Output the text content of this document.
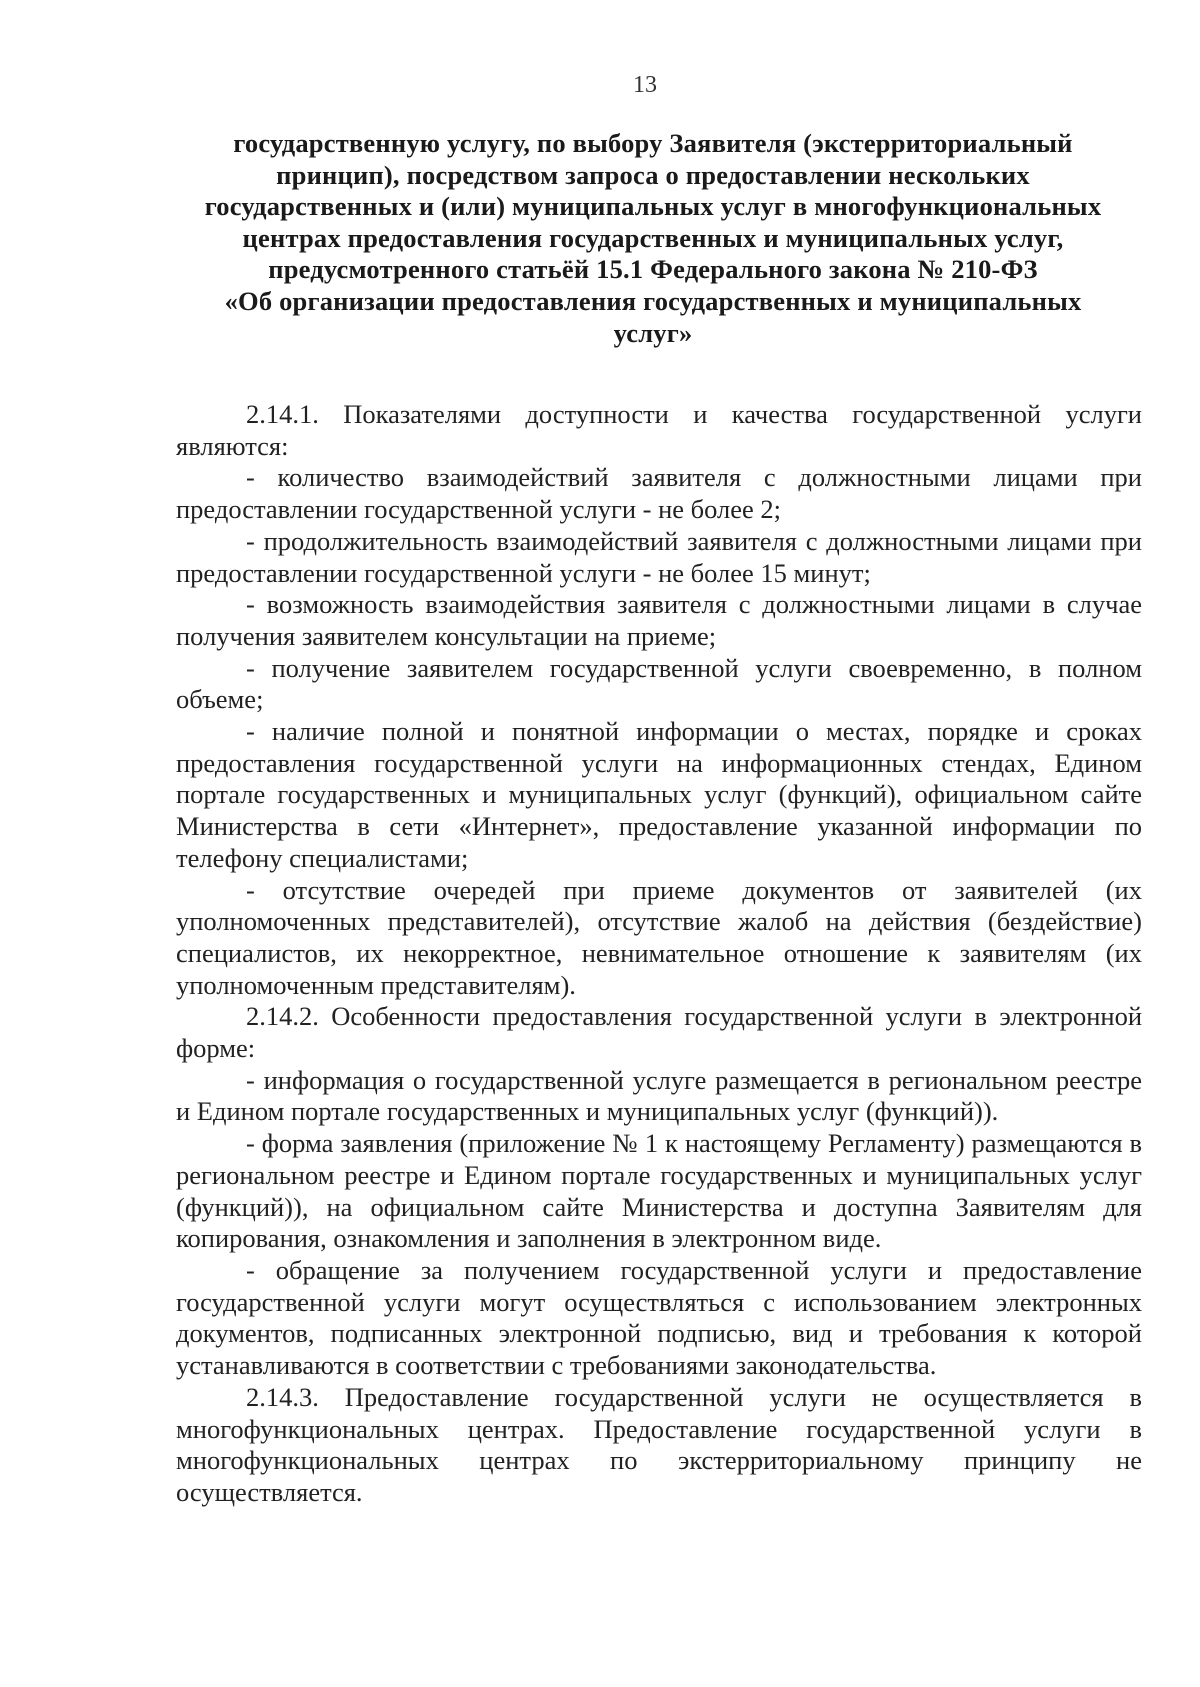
13
государственную услугу, по выбору Заявителя (экстерриториальный
принцип), посредством запроса о предоставлении нескольких
государственных и (или) муниципальных услуг в многофункциональных
центрах предоставления государственных и муниципальных услуг,
предусмотренного статьёй 15.1 Федерального закона № 210-ФЗ
«Об организации предоставления государственных и муниципальных
услуг»

2.14.1. Показателями доступности и качества государственной услуги являются:

- количество взаимодействий заявителя с должностными лицами при предоставлении государственной услуги - не более 2;

- продолжительность взаимодействий заявителя с должностными лицами при предоставлении государственной услуги - не более 15 минут;

- возможность взаимодействия заявителя с должностными лицами в случае получения заявителем консультации на приеме;

- получение заявителем государственной услуги своевременно, в полном объеме;

- наличие полной и понятной информации о местах, порядке и сроках предоставления государственной услуги на информационных стендах, Едином портале государственных и муниципальных услуг (функций), официальном сайте Министерства в сети «Интернет», предоставление указанной информации по телефону специалистами;

- отсутствие очередей при приеме документов от заявителей (их уполномоченных представителей), отсутствие жалоб на действия (бездействие) специалистов, их некорректное, невнимательное отношение к заявителям (их уполномоченным представителям).

2.14.2. Особенности предоставления государственной услуги в электронной форме:

- информация о государственной услуге размещается в региональном реестре и Едином портале государственных и муниципальных услуг (функций)).

- форма заявления (приложение № 1 к настоящему Регламенту) размещаются в региональном реестре и Едином портале государственных и муниципальных услуг (функций)), на официальном сайте Министерства и доступна Заявителям для копирования, ознакомления и заполнения в электронном виде.

- обращение за получением государственной услуги и предоставление государственной услуги могут осуществляться с использованием электронных документов, подписанных электронной подписью, вид и требования к которой устанавливаются в соответствии с требованиями законодательства.

2.14.3. Предоставление государственной услуги не осуществляется в многофункциональных центрах. Предоставление государственной услуги в многофункциональных центрах по экстерриториальному принципу не осуществляется.
